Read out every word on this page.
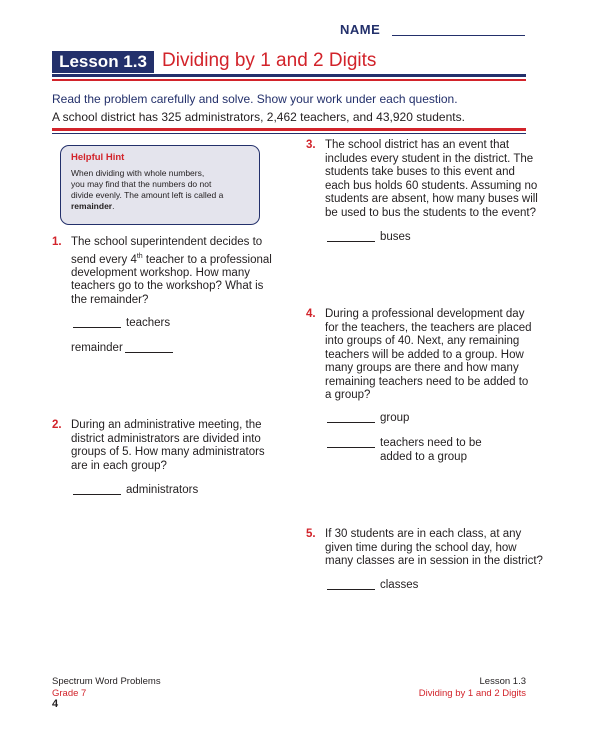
NAME
Lesson 1.3 Dividing by 1 and 2 Digits
Read the problem carefully and solve. Show your work under each question.
A school district has 325 administrators, 2,462 teachers, and 43,920 students.
Helpful Hint
When dividing with whole numbers,
you may find that the numbers do not
divide evenly. The amount left is called a
remainder.
1. The school superintendent decides to
send every 4th teacher to a professional
development workshop. How many
teachers go to the workshop? What is
the remainder?
teachers
remainder
2. During an administrative meeting, the
district administrators are divided into
groups of 5. How many administrators
are in each group?
administrators
3. The school district has an event that
includes every student in the district. The
students take buses to this event and
each bus holds 60 students. Assuming no
students are absent, how many buses will
be used to bus the students to the event?
buses
4. During a professional development day
for the teachers, the teachers are placed
into groups of 40. Next, any remaining
teachers will be added to a group. How
many groups are there and how many
remaining teachers need to be added to
a group?
group
teachers need to be
added to a group
5. If 30 students are in each class, at any
given time during the school day, how
many classes are in session in the district?
classes
Spectrum Word Problems
Grade 7
Lesson 1.3
Dividing by 1 and 2 Digits
4
